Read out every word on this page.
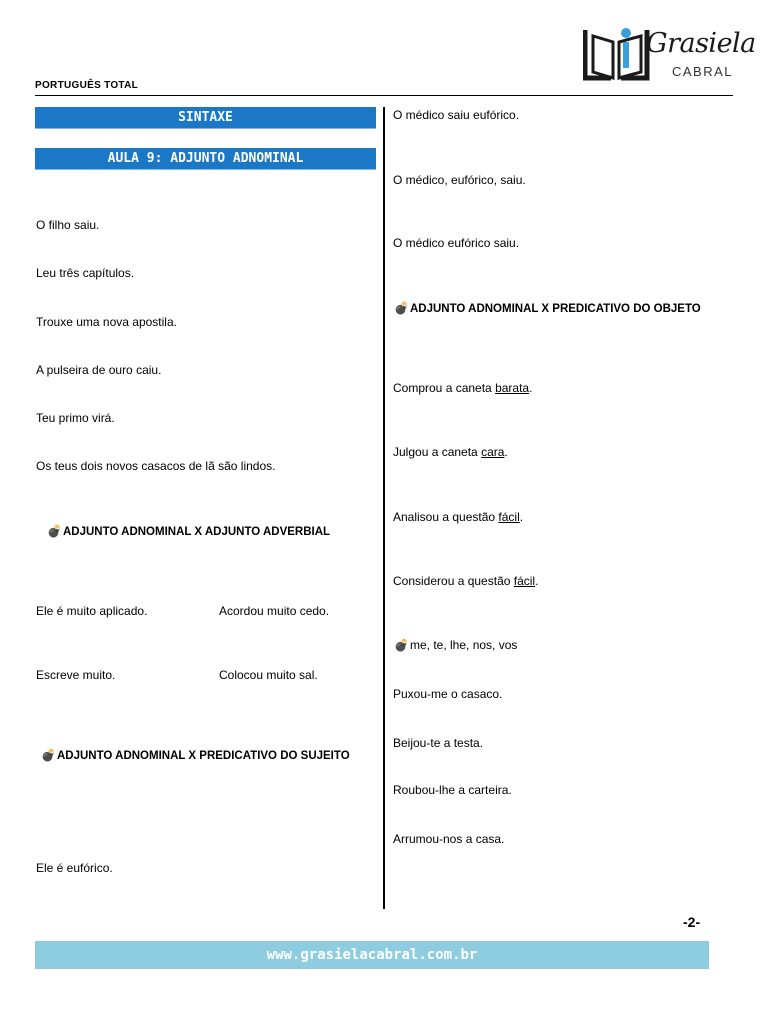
PORTUGUÊS TOTAL
Grasiela
CABRAL
SINTAXE
AULA 9: ADJUNTO ADNOMINAL
O filho saiu.
Leu três capítulos.
Trouxe uma nova apostila.
A pulseira de ouro caiu.
Teu primo virá.
Os teus dois novos casacos de lã são lindos.
💣ADJUNTO ADNOMINAL X ADJUNTO ADVERBIAL
Ele é muito aplicado.	Acordou muito cedo.
Escreve muito.	Colocou muito sal.
💣ADJUNTO ADNOMINAL X PREDICATIVO DO SUJEITO
Ele é eufórico.
O médico saiu eufórico.
O médico, eufórico, saiu.
O médico eufórico saiu.
💣ADJUNTO ADNOMINAL X PREDICATIVO DO OBJETO
Comprou a caneta barata.
Julgou a caneta cara.
Analisou a questão fácil.
Considerou a questão fácil.
💣me, te, lhe, nos, vos
Puxou-me o casaco.
Beijou-te a testa.
Roubou-lhe a carteira.
Arrumou-nos a casa.
-2-
www.grasielacabral.com.br
